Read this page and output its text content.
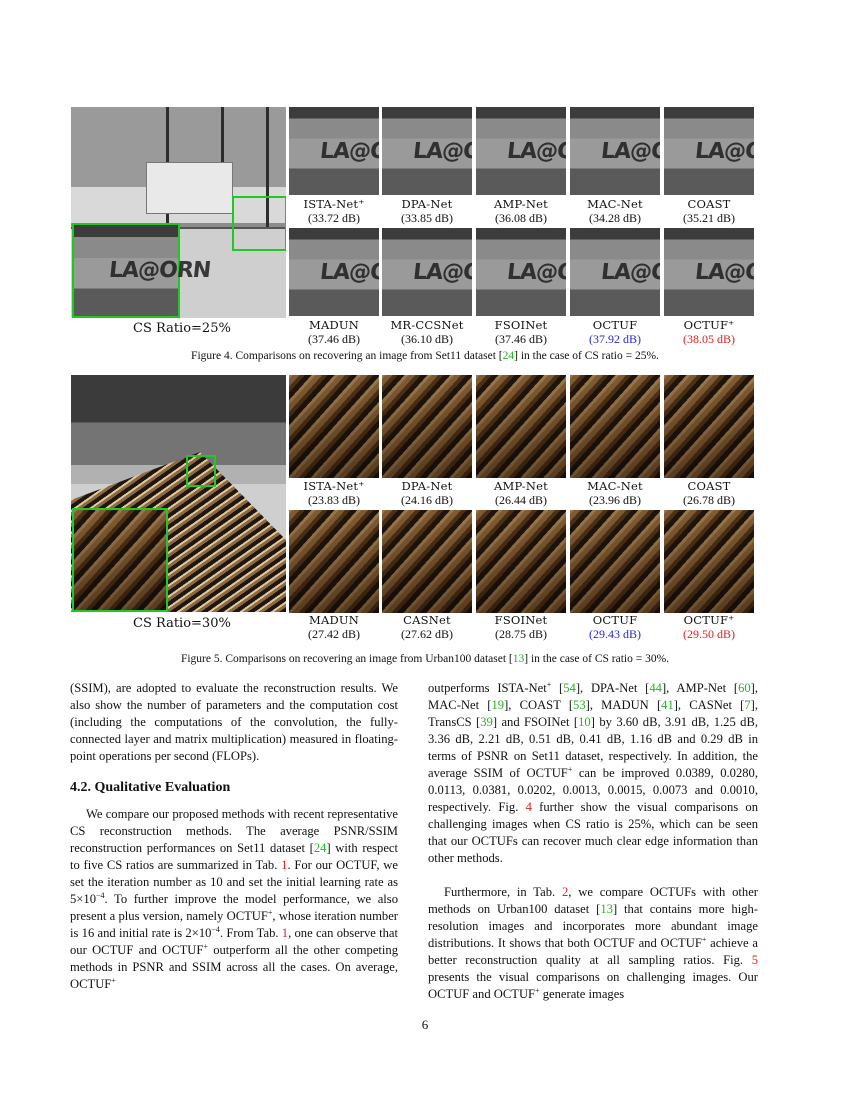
LA@ORN
CS Ratio=25%
LA@ORN
LA@ORN
LA@ORN
LA@ORN
LA@ORN
ISTA-Net⁺
(33.72 dB)
DPA-Net
(33.85 dB)
AMP-Net
(36.08 dB)
MAC-Net
(34.28 dB)
COAST
(35.21 dB)
LA@ORN
LA@ORN
LA@ORN
LA@ORN
LA@ORN
MADUN
(37.46 dB)
MR-CCSNet
(36.10 dB)
FSOINet
(37.46 dB)
OCTUF
(37.92 dB)
OCTUF⁺
(38.05 dB)
Figure 4. Comparisons on recovering an image from Set11 dataset [24] in the case of CS ratio = 25%.
CS Ratio=30%
ISTA-Net⁺
(23.83 dB)
DPA-Net
(24.16 dB)
AMP-Net
(26.44 dB)
MAC-Net
(23.96 dB)
COAST
(26.78 dB)
MADUN
(27.42 dB)
CASNet
(27.62 dB)
FSOINet
(28.75 dB)
OCTUF
(29.43 dB)
OCTUF⁺
(29.50 dB)
Figure 5. Comparisons on recovering an image from Urban100 dataset [13] in the case of CS ratio = 30%.

(SSIM), are adopted to evaluate the reconstruction results. We also show the number of parameters and the computation cost (including the computations of the convolution, the fully-connected layer and matrix multiplication) measured in floating-point operations per second (FLOPs).

4.2. Qualitative Evaluation

We compare our proposed methods with recent representative CS reconstruction methods. The average PSNR/SSIM reconstruction performances on Set11 dataset [24] with respect to five CS ratios are summarized in Tab. 1. For our OCTUF, we set the iteration number as 10 and set the initial learning rate as $5\times 10^{-4}$. To further improve the model performance, we also present a plus version, namely OCTUF+, whose iteration number is 16 and initial rate is $2\times 10^{-4}$. From Tab. 1, one can observe that our OCTUF and OCTUF+ outperform all the other competing methods in PSNR and SSIM across all the cases. On average, OCTUF+

outperforms ISTA-Net+ [54], DPA-Net [44], AMP-Net [60], MAC-Net [19], COAST [53], MADUN [41], CASNet [7], TransCS [39] and FSOINet [10] by 3.60 dB, 3.91 dB, 1.25 dB, 3.36 dB, 2.21 dB, 0.51 dB, 0.41 dB, 1.16 dB and 0.29 dB in terms of PSNR on Set11 dataset, respectively. In addition, the average SSIM of OCTUF+ can be improved 0.0389, 0.0280, 0.0113, 0.0381, 0.0202, 0.0013, 0.0015, 0.0073 and 0.0010, respectively. Fig. 4 further show the visual comparisons on challenging images when CS ratio is 25%, which can be seen that our OCTUFs can recover much clear edge information than other methods.

Furthermore, in Tab. 2, we compare OCTUFs with other methods on Urban100 dataset [13] that contains more high-resolution images and incorporates more abundant image distributions. It shows that both OCTUF and OCTUF+ achieve a better reconstruction quality at all sampling ratios. Fig. 5 presents the visual comparisons on challenging images. Our OCTUF and OCTUF+ generate images

6
